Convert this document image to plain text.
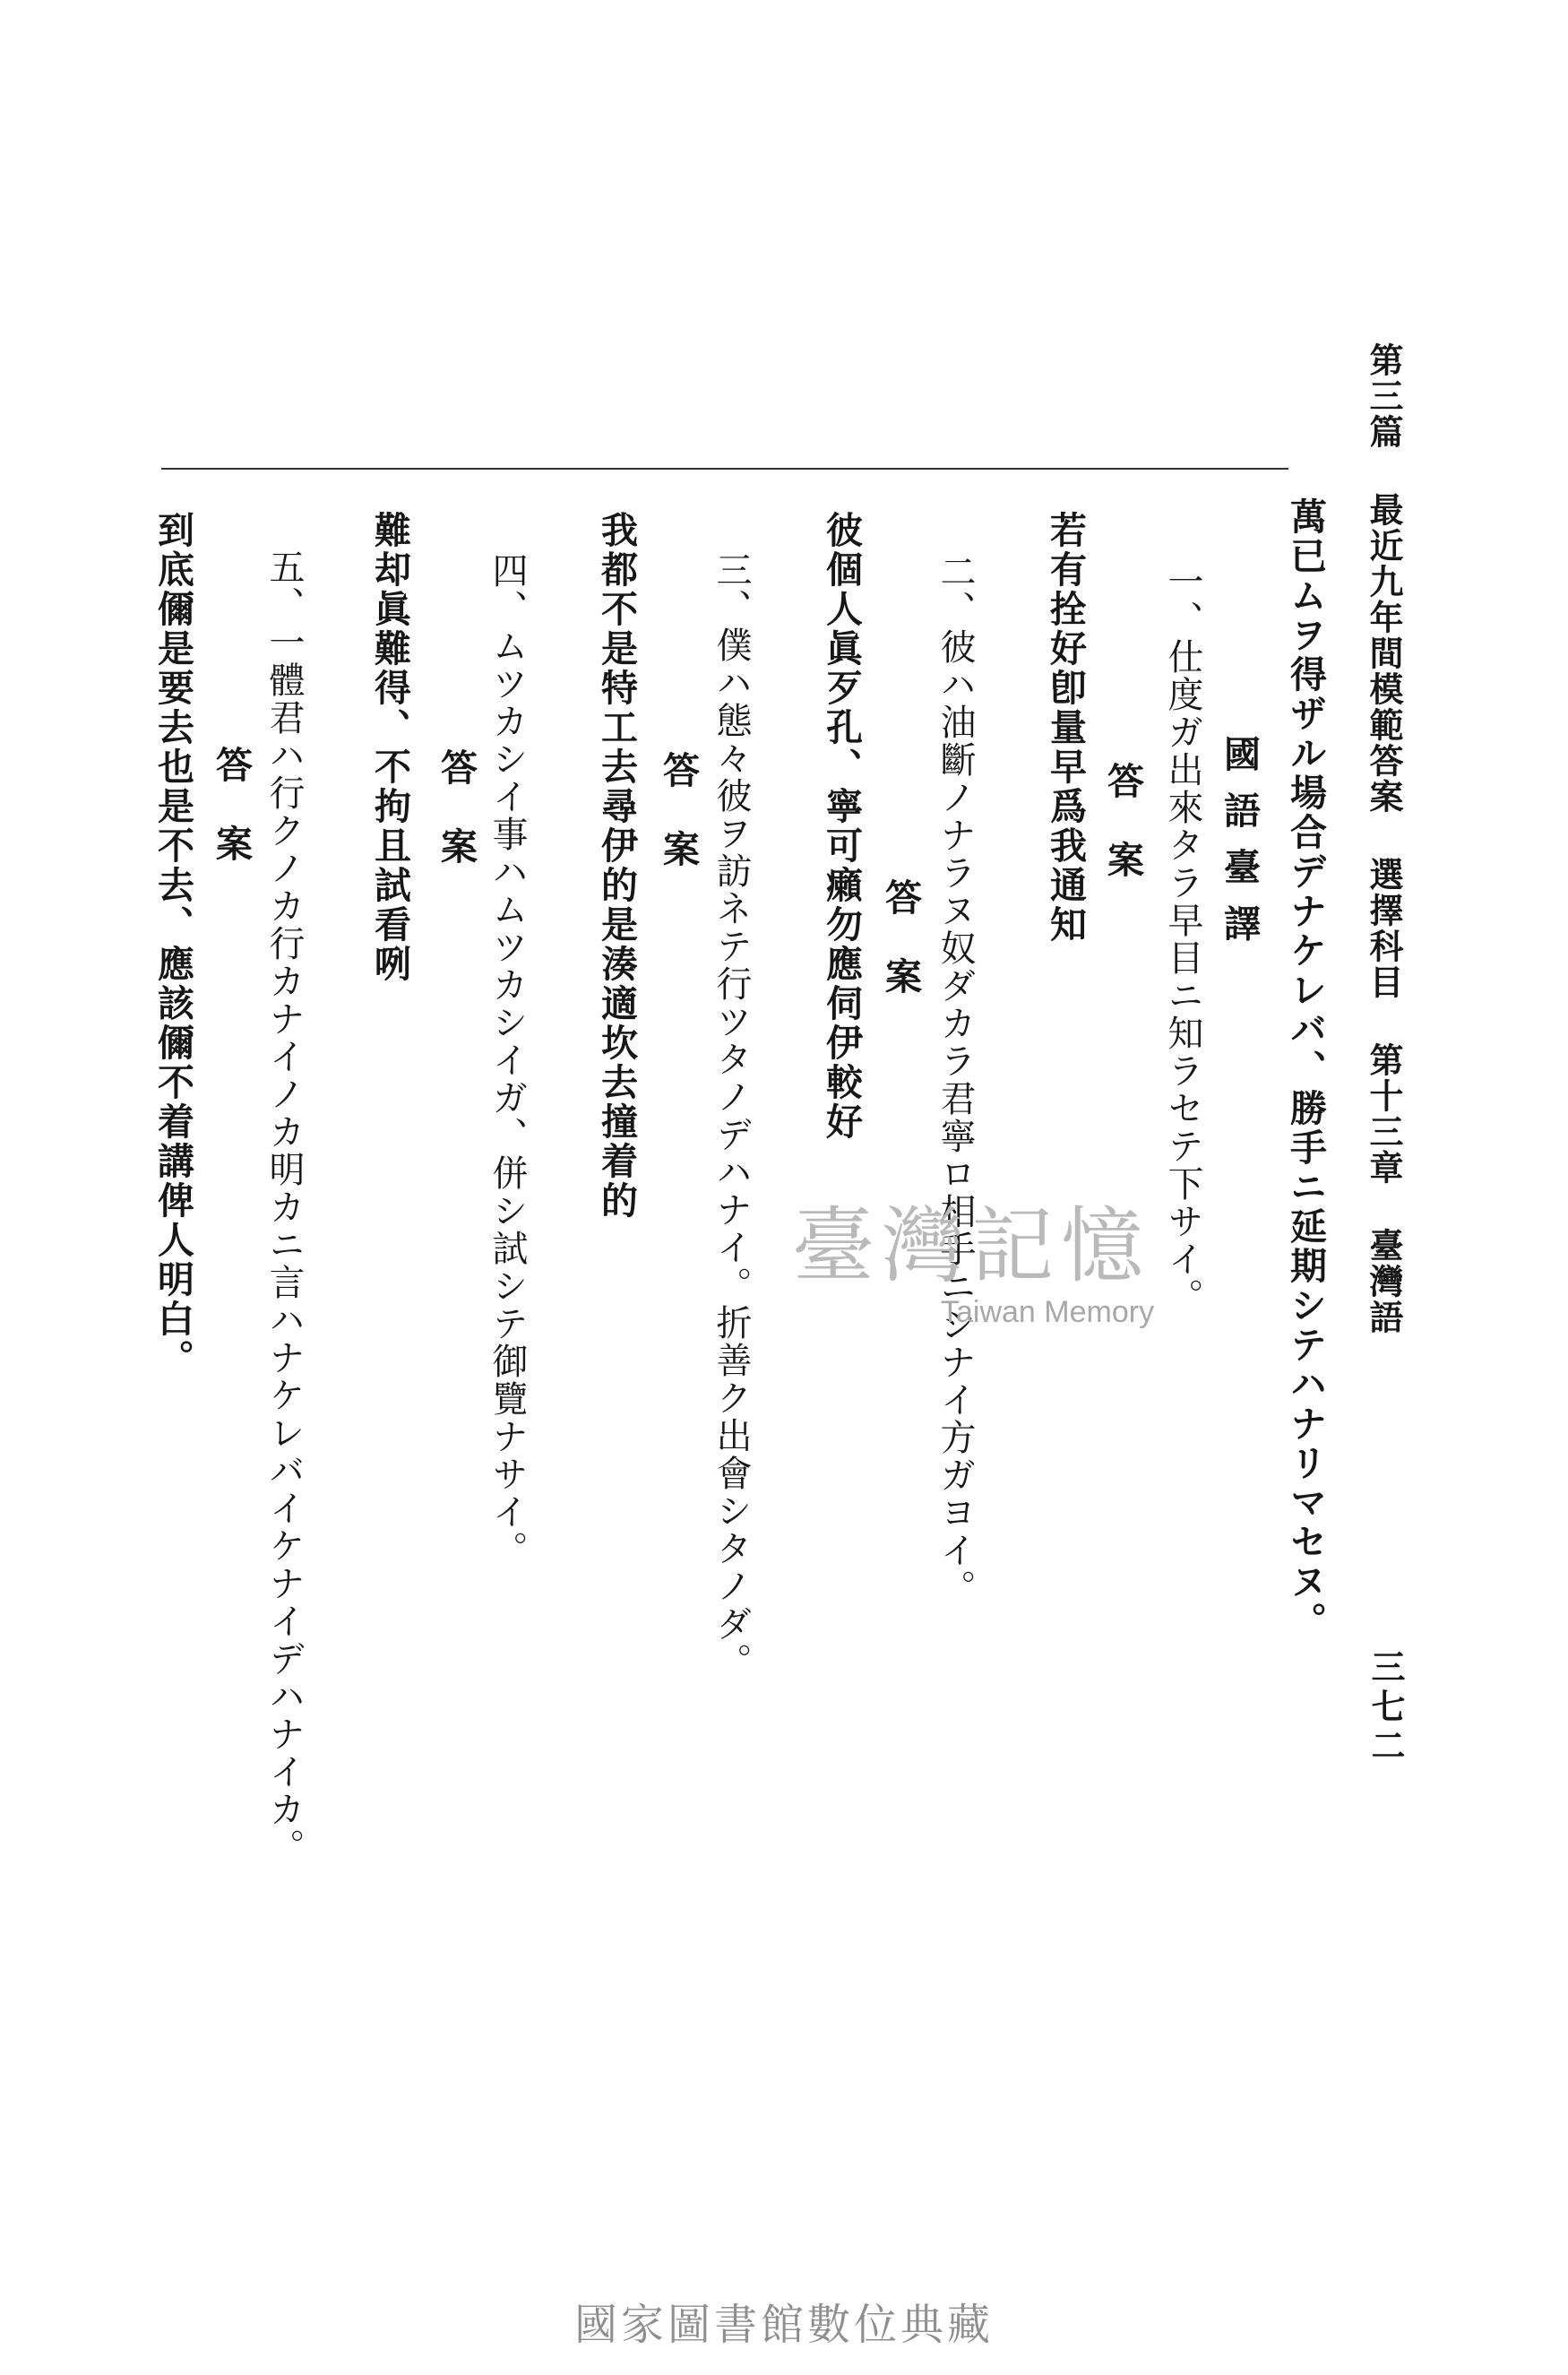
第三篇 最近九年間模範答案 選擇科目 第十三章 臺灣語
三七二
萬已ムヲ得ザル場合デナケレバ、勝手ニ延期シテハナリマセヌ。
國語臺譯
一、仕度ガ出來タラ早目ニ知ラセテ下サイ。
答　案
若有拴好卽量早爲我通知
二、彼ハ油斷ノナラヌ奴ダカラ君寧ロ相手ニシナイ方ガヨイ。
答　案
彼個人眞歹孔、寧可癩勿應伺伊較好
三、僕ハ態々彼ヲ訪ネテ行ツタノデハナイ。折善ク出會シタノダ。
答　案
我都不是特工去尋伊的是湊適坎去撞着的
四、ムツカシイ事ハムツカシイガ、併シ試シテ御覽ナサイ。
答　案
難却眞難得、不拘且試看咧
五、一體君ハ行クノカ行カナイノカ明カニ言ハナケレバイケナイデハナイカ。
答　案
到底儞是要去也是不去、應該儞不着講俾人明白。	臺灣記憶
Taiwan Memory
國家圖書館數位典藏
